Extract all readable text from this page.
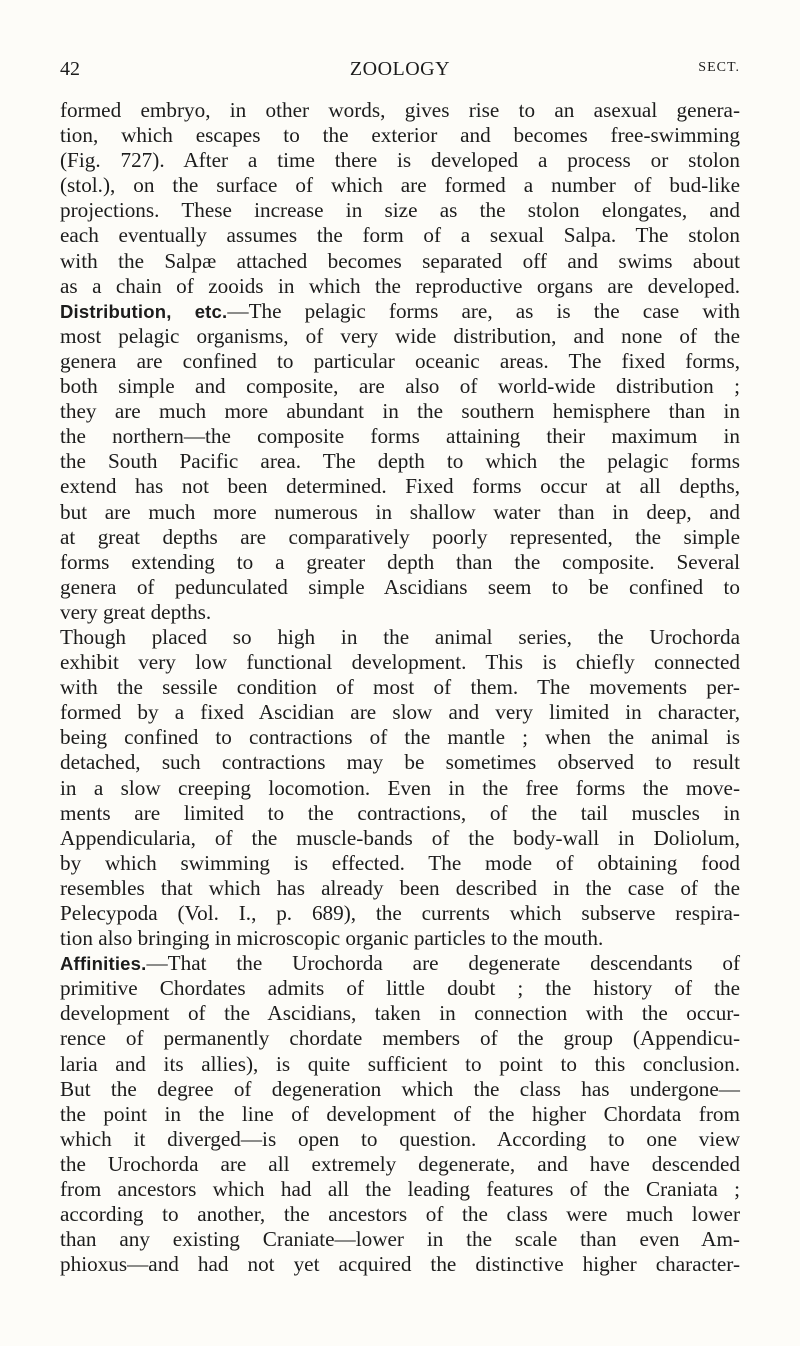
42	ZOOLOGY	SECT.
formed embryo, in other words, gives rise to an asexual genera-
tion, which escapes to the exterior and becomes free-swimming
(Fig. 727). After a time there is developed a process or stolon
(stol.), on the surface of which are formed a number of bud-like
projections. These increase in size as the stolon elongates, and
each eventually assumes the form of a sexual Salpa. The stolon
with the Salpæ attached becomes separated off and swims about
as a chain of zooids in which the reproductive organs are developed.
Distribution, etc.—The pelagic forms are, as is the case with
most pelagic organisms, of very wide distribution, and none of the
genera are confined to particular oceanic areas. The fixed forms,
both simple and composite, are also of world-wide distribution ;
they are much more abundant in the southern hemisphere than in
the northern—the composite forms attaining their maximum in
the South Pacific area. The depth to which the pelagic forms
extend has not been determined. Fixed forms occur at all depths,
but are much more numerous in shallow water than in deep, and
at great depths are comparatively poorly represented, the simple
forms extending to a greater depth than the composite. Several
genera of pedunculated simple Ascidians seem to be confined to
very great depths.
Though placed so high in the animal series, the Urochorda
exhibit very low functional development. This is chiefly connected
with the sessile condition of most of them. The movements per-
formed by a fixed Ascidian are slow and very limited in character,
being confined to contractions of the mantle ; when the animal is
detached, such contractions may be sometimes observed to result
in a slow creeping locomotion. Even in the free forms the move-
ments are limited to the contractions, of the tail muscles in
Appendicularia, of the muscle-bands of the body-wall in Doliolum,
by which swimming is effected. The mode of obtaining food
resembles that which has already been described in the case of the
Pelecypoda (Vol. I., p. 689), the currents which subserve respira-
tion also bringing in microscopic organic particles to the mouth.
Affinities.—That the Urochorda are degenerate descendants of
primitive Chordates admits of little doubt ; the history of the
development of the Ascidians, taken in connection with the occur-
rence of permanently chordate members of the group (Appendicu-
laria and its allies), is quite sufficient to point to this conclusion.
But the degree of degeneration which the class has undergone—
the point in the line of development of the higher Chordata from
which it diverged—is open to question. According to one view
the Urochorda are all extremely degenerate, and have descended
from ancestors which had all the leading features of the Craniata ;
according to another, the ancestors of the class were much lower
than any existing Craniate—lower in the scale than even Am-
phioxus—and had not yet acquired the distinctive higher character-
